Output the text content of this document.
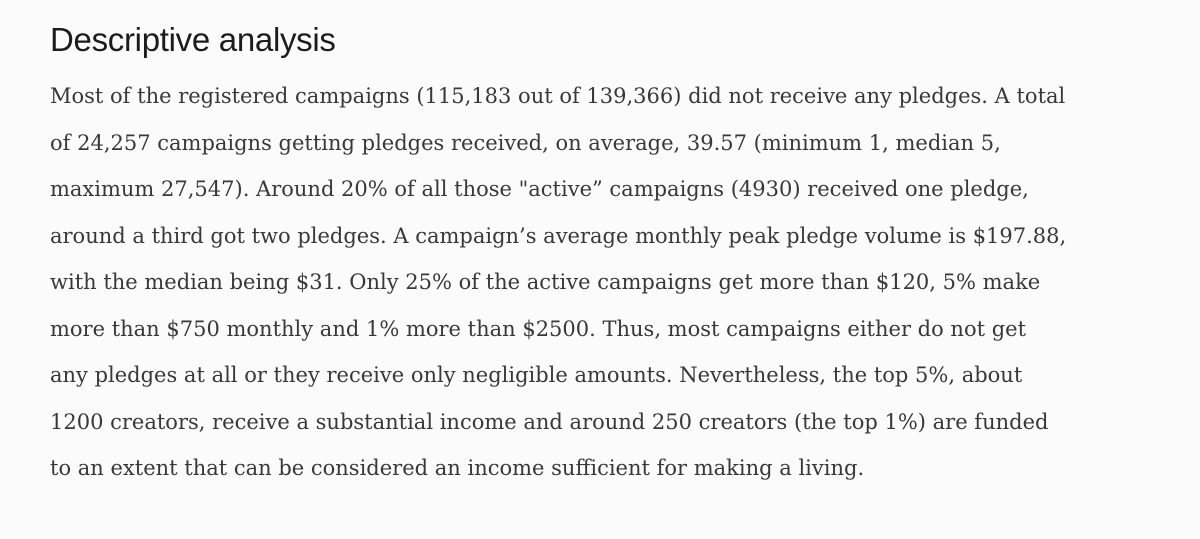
Descriptive analysis

Most of the registered campaigns (115,183 out of 139,366) did not receive any pledges. A total
of 24,257 campaigns getting pledges received, on average, 39.57 (minimum 1, median 5,
maximum 27,547). Around 20% of all those "active” campaigns (4930) received one pledge,
around a third got two pledges. A campaign’s average monthly peak pledge volume is $197.88,
with the median being $31. Only 25% of the active campaigns get more than $120, 5% make
more than $750 monthly and 1% more than $2500. Thus, most campaigns either do not get
any pledges at all or they receive only negligible amounts. Nevertheless, the top 5%, about
1200 creators, receive a substantial income and around 250 creators (the top 1%) are funded
to an extent that can be considered an income sufficient for making a living.
